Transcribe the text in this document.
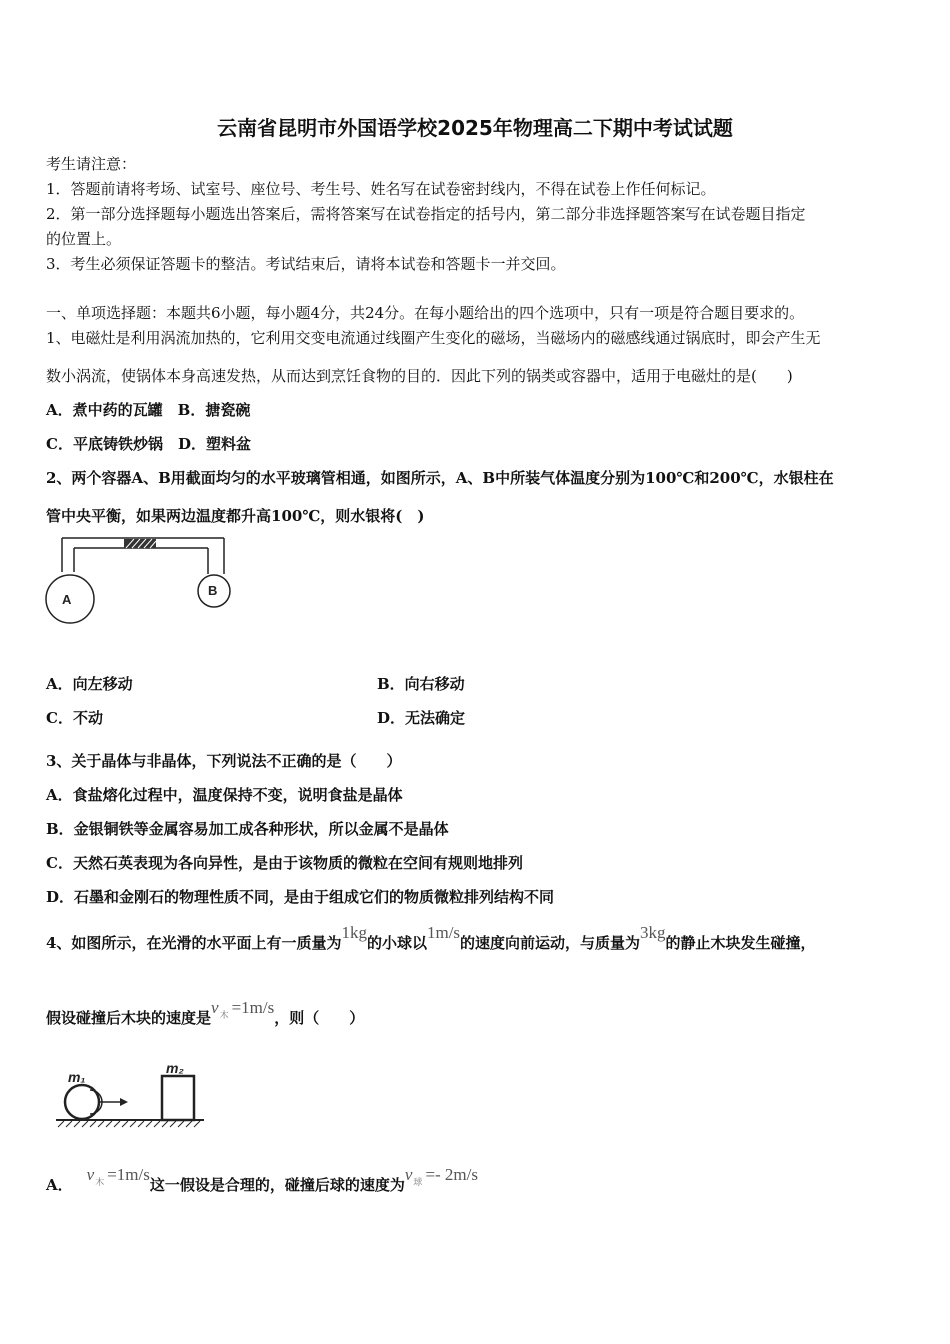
云南省昆明市外国语学校2025年物理高二下期中考试试题
考生请注意：
1．答题前请将考场、试室号、座位号、考生号、姓名写在试卷密封线内，不得在试卷上作任何标记。
2．第一部分选择题每小题选出答案后，需将答案写在试卷指定的括号内，第二部分非选择题答案写在试卷题目指定
的位置上。
3．考生必须保证答题卡的整洁。考试结束后，请将本试卷和答题卡一并交回。
一、单项选择题：本题共6小题，每小题4分，共24分。在每小题给出的四个选项中，只有一项是符合题目要求的。
1、电磁灶是利用涡流加热的，它利用交变电流通过线圈产生变化的磁场，当磁场内的磁感线通过锅底时，即会产生无
数小涡流，使锅体本身高速发热，从而达到烹饪食物的目的．因此下列的锅类或容器中，适用于电磁灶的是(　　)
A．煮中药的瓦罐　B．搪瓷碗
C．平底铸铁炒锅　D．塑料盆
2、两个容器A、B用截面均匀的水平玻璃管相通，如图所示，A、B中所装气体温度分别为100℃和200℃，水银柱在
管中央平衡，如果两边温度都升高100℃，则水银将(　)
A
B
A．向左移动	B．向右移动
C．不动	D．无法确定
3、关于晶体与非晶体，下列说法不正确的是（　　）
A．食盐熔化过程中，温度保持不变，说明食盐是晶体
B．金银铜铁等金属容易加工成各种形状，所以金属不是晶体
C．天然石英表现为各向异性，是由于该物质的微粒在空间有规则地排列
D．石墨和金刚石的物理性质不同，是由于组成它们的物质微粒排列结构不同
4、如图所示，在光滑的水平面上有一质量为1kg的小球以1m/s的速度向前运动，与质量为3kg的静止木块发生碰撞，
假设碰撞后木块的速度是$v_木 =1m/s$，则（　　）
m₁
m₂
A．$v_木 =1m/s$这一假设是合理的，碰撞后球的速度为$v_球 =- 2m/s$
